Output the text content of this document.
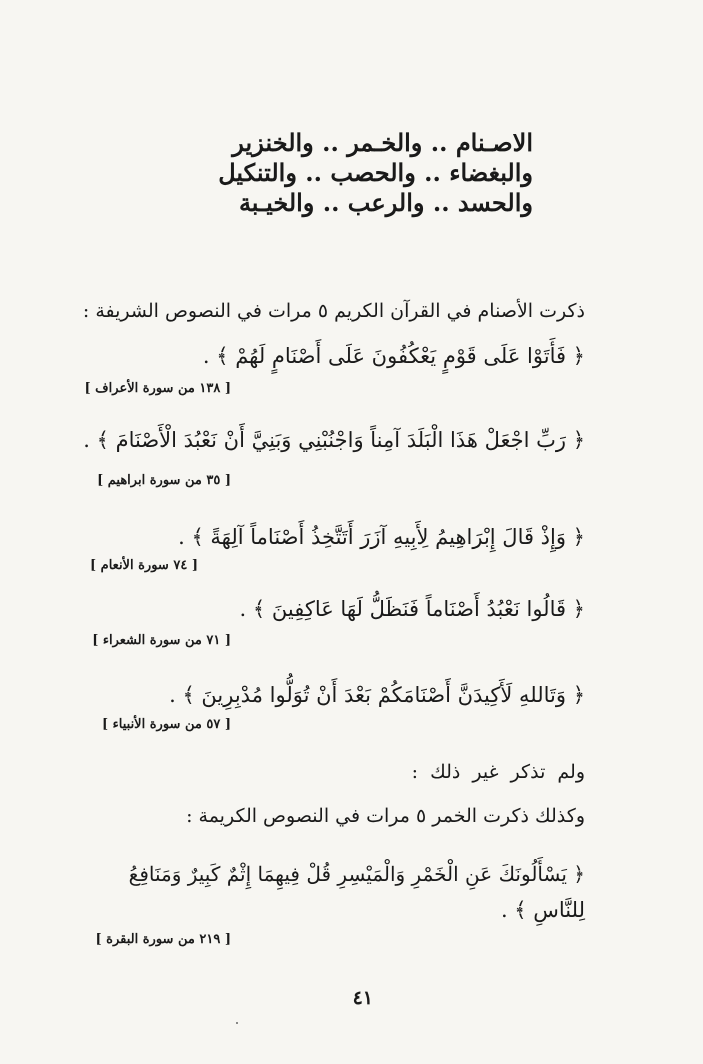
الاصـنام .. والخـمر .. والخنزير
والبغضاء .. والحصب .. والتنكيل
والحسد .. والرعب .. والخيـبة
ذكرت الأصنام في القرآن الكريم ٥ مرات في النصوص الشريفة :
﴿ فَأَتَوْا عَلَى قَوْمٍ يَعْكُفُونَ عَلَى أَصْنَامٍ لَهُمْ ﴾ .
[ ١٣٨ من سورة الأعراف ]
﴿ رَبِّ اجْعَلْ هَذَا الْبَلَدَ آمِناً وَاجْنُبْنِي وَبَنِيَّ أَنْ نَعْبُدَ الْأَصْنَامَ ﴾ .
[ ٣٥ من سورة ابراهيم ]
﴿ وَإِذْ قَالَ إِبْرَاهِيمُ لِأَبِيهِ آزَرَ أَتَتَّخِذُ أَصْنَاماً آلِهَةً ﴾ .
[ ٧٤ سورة الأنعام ]
﴿ قَالُوا نَعْبُدُ أَصْنَاماً فَنَظَلُّ لَهَا عَاكِفِينَ ﴾ .
[ ٧١ من سورة الشعراء ]
﴿ وَتَاللهِ لَأَكِيدَنَّ أَصْنَامَكُمْ بَعْدَ أَنْ تُوَلُّوا مُدْبِرِينَ ﴾ .
[ ٥٧ من سورة الأنبياء ]
ولم تذكر غير ذلك :
وكذلك ذكرت الخمر ٥ مرات في النصوص الكريمة :
﴿ يَسْأَلُونَكَ عَنِ الْخَمْرِ وَالْمَيْسِرِ قُلْ فِيهِمَا إِثْمٌ كَبِيرٌ وَمَنَافِعُ
لِلنَّاسِ ﴾ .
[ ٢١٩ من سورة البقرة ]
٤١
